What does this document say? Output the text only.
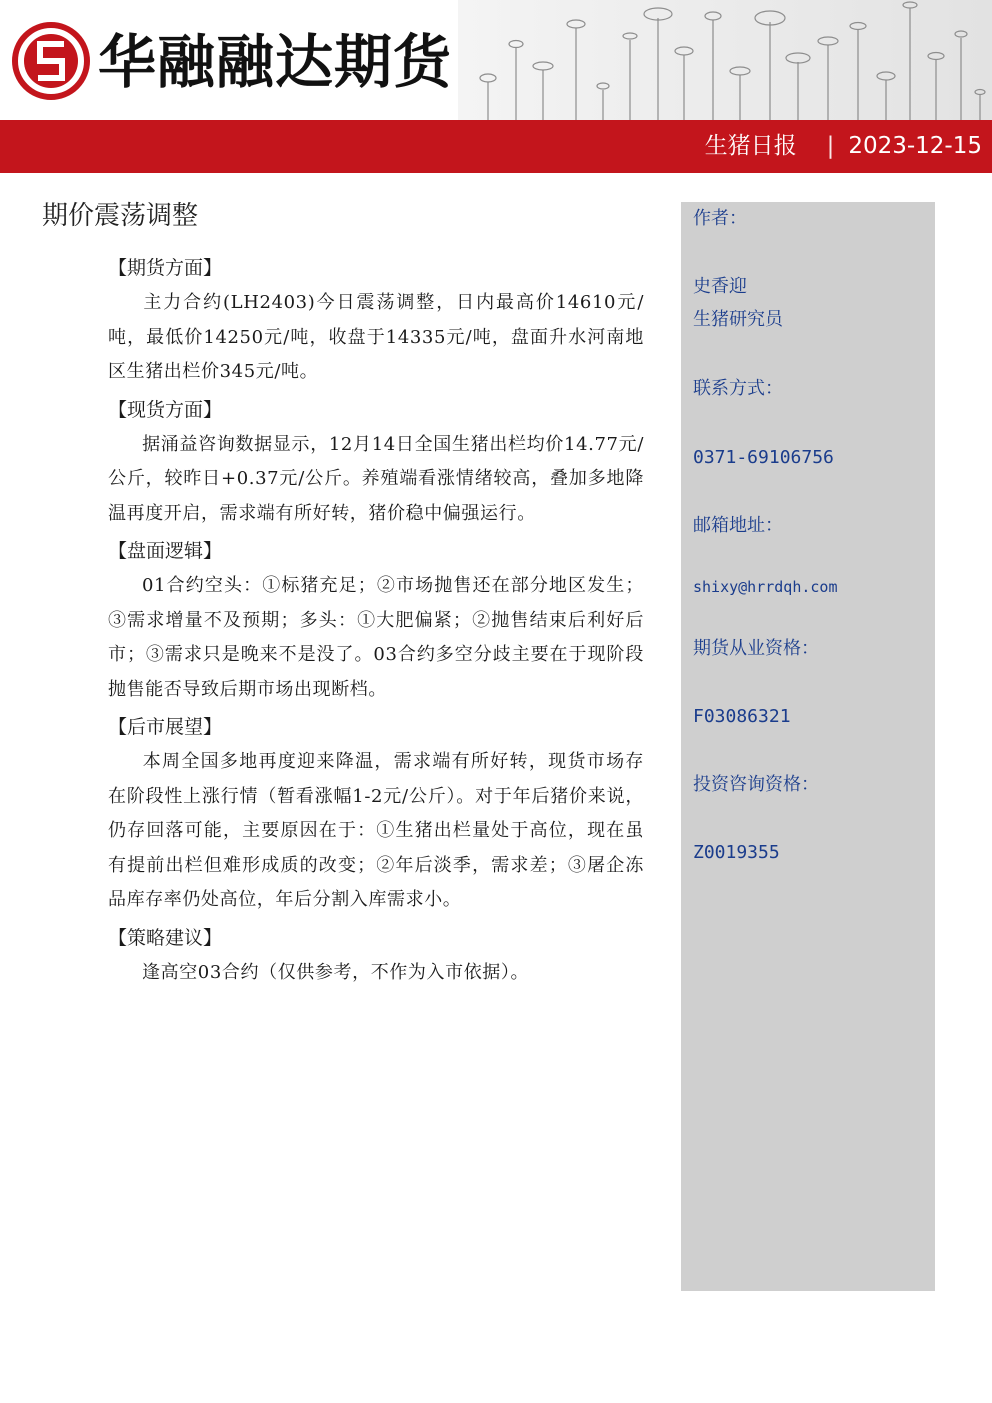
华融融达期货
生猪日报 | 2023-12-15
期价震荡调整

【期货方面】

主力合约(LH2403)今日震荡调整，日内最高价14610元/吨，最低价14250元/吨，收盘于14335元/吨，盘面升水河南地区生猪出栏价345元/吨。

【现货方面】

据涌益咨询数据显示，12月14日全国生猪出栏均价14.77元/公斤，较昨日+0.37元/公斤。养殖端看涨情绪较高，叠加多地降温再度开启，需求端有所好转，猪价稳中偏强运行。

【盘面逻辑】

01合约空头：①标猪充足；②市场抛售还在部分地区发生；③需求增量不及预期；多头：①大肥偏紧；②抛售结束后利好后市；③需求只是晚来不是没了。03合约多空分歧主要在于现阶段抛售能否导致后期市场出现断档。

【后市展望】

本周全国多地再度迎来降温，需求端有所好转，现货市场存在阶段性上涨行情（暂看涨幅1-2元/公斤）。对于年后猪价来说，仍存回落可能，主要原因在于：①生猪出栏量处于高位，现在虽有提前出栏但难形成质的改变；②年后淡季，需求差；③屠企冻品库存率仍处高位，年后分割入库需求小。

【策略建议】

逢高空03合约（仅供参考，不作为入市依据）。

作者：
史香迎
生猪研究员
联系方式：
0371-69106756
邮箱地址：
shixy@hrrdqh.com
期货从业资格：
F03086321
投资咨询资格：
Z0019355
